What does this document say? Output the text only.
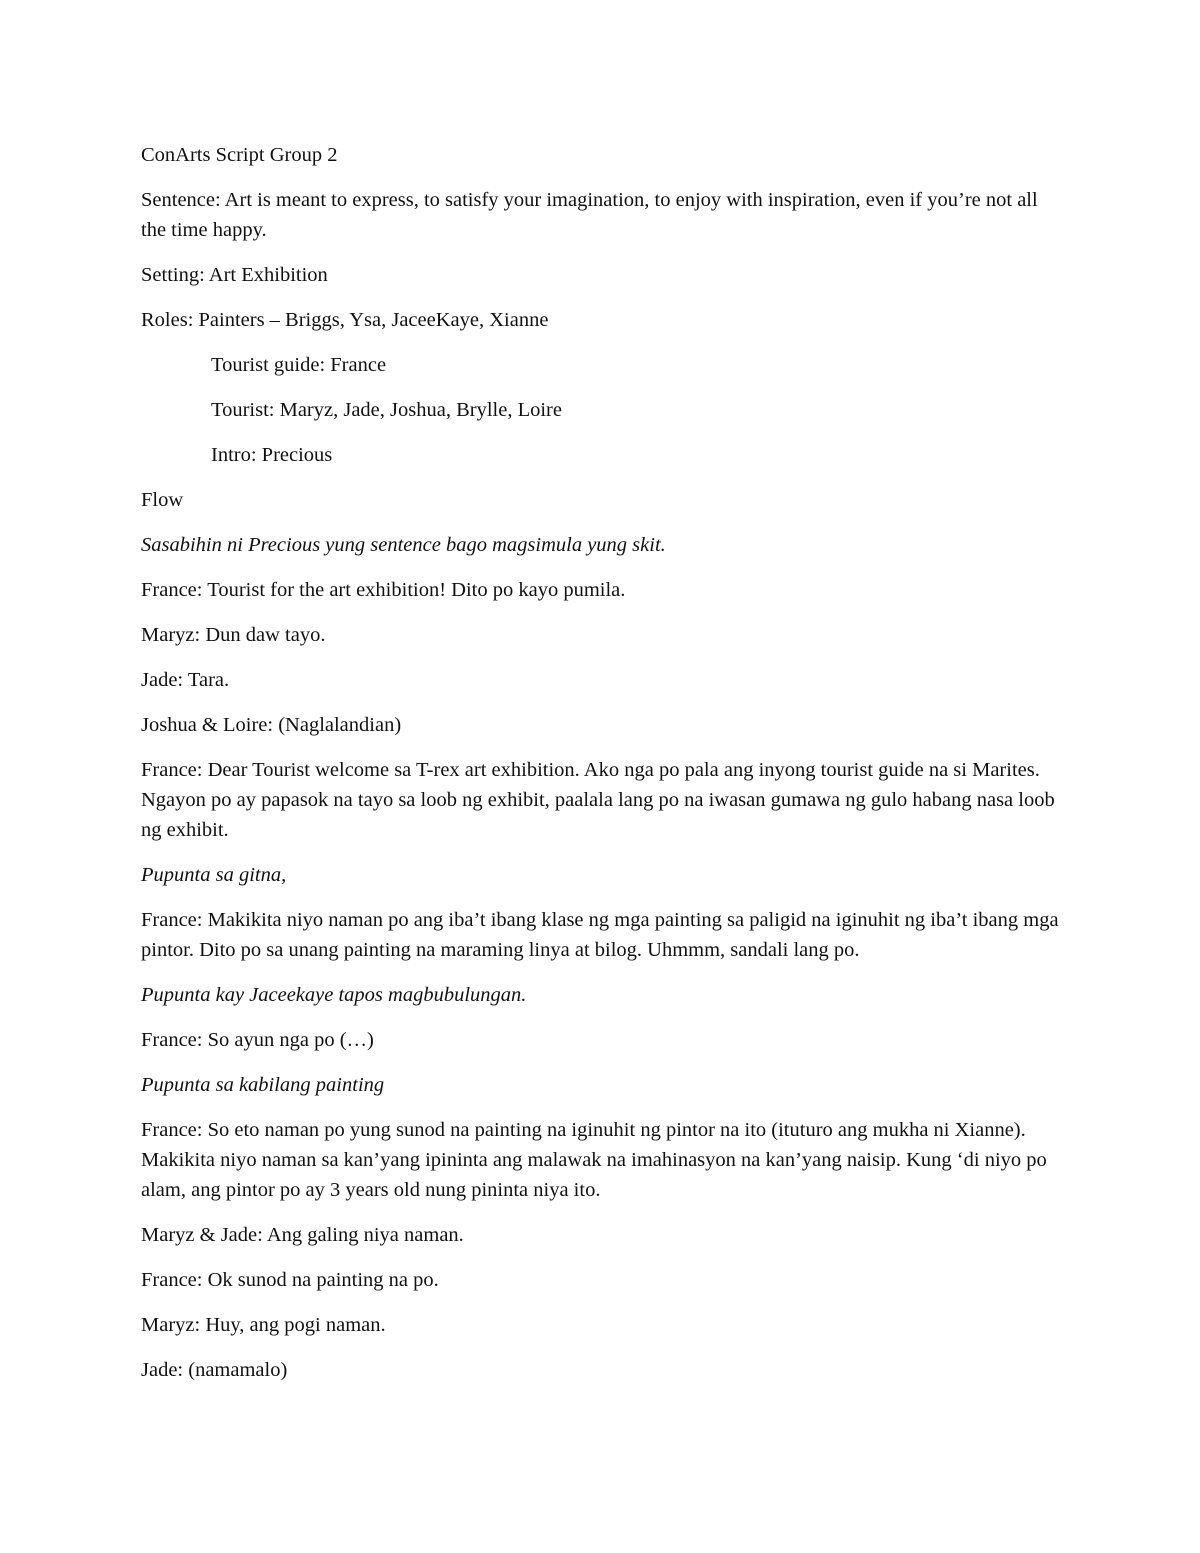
ConArts Script Group 2

Sentence: Art is meant to express, to satisfy your imagination, to enjoy with inspiration, even if you’re not all the time happy.

Setting: Art Exhibition

Roles: Painters – Briggs, Ysa, JaceeKaye, Xianne

Tourist guide: France

Tourist: Maryz, Jade, Joshua, Brylle, Loire

Intro: Precious

Flow

Sasabihin ni Precious yung sentence bago magsimula yung skit.

France: Tourist for the art exhibition! Dito po kayo pumila.

Maryz: Dun daw tayo.

Jade: Tara.

Joshua & Loire: (Naglalandian)

France: Dear Tourist welcome sa T-rex art exhibition. Ako nga po pala ang inyong tourist guide na si Marites. Ngayon po ay papasok na tayo sa loob ng exhibit, paalala lang po na iwasan gumawa ng gulo habang nasa loob ng exhibit.

Pupunta sa gitna,

France: Makikita niyo naman po ang iba’t ibang klase ng mga painting sa paligid na iginuhit ng iba’t ibang mga pintor. Dito po sa unang painting na maraming linya at bilog. Uhmmm, sandali lang po.

Pupunta kay Jaceekaye tapos magbubulungan.

France: So ayun nga po (…)

Pupunta sa kabilang painting

France: So eto naman po yung sunod na painting na iginuhit ng pintor na ito (ituturo ang mukha ni Xianne). Makikita niyo naman sa kan’yang ipininta ang malawak na imahinasyon na kan’yang naisip. Kung ‘di niyo po alam, ang pintor po ay 3 years old nung pininta niya ito.

Maryz & Jade: Ang galing niya naman.

France: Ok sunod na painting na po.

Maryz: Huy, ang pogi naman.

Jade: (namamalo)
